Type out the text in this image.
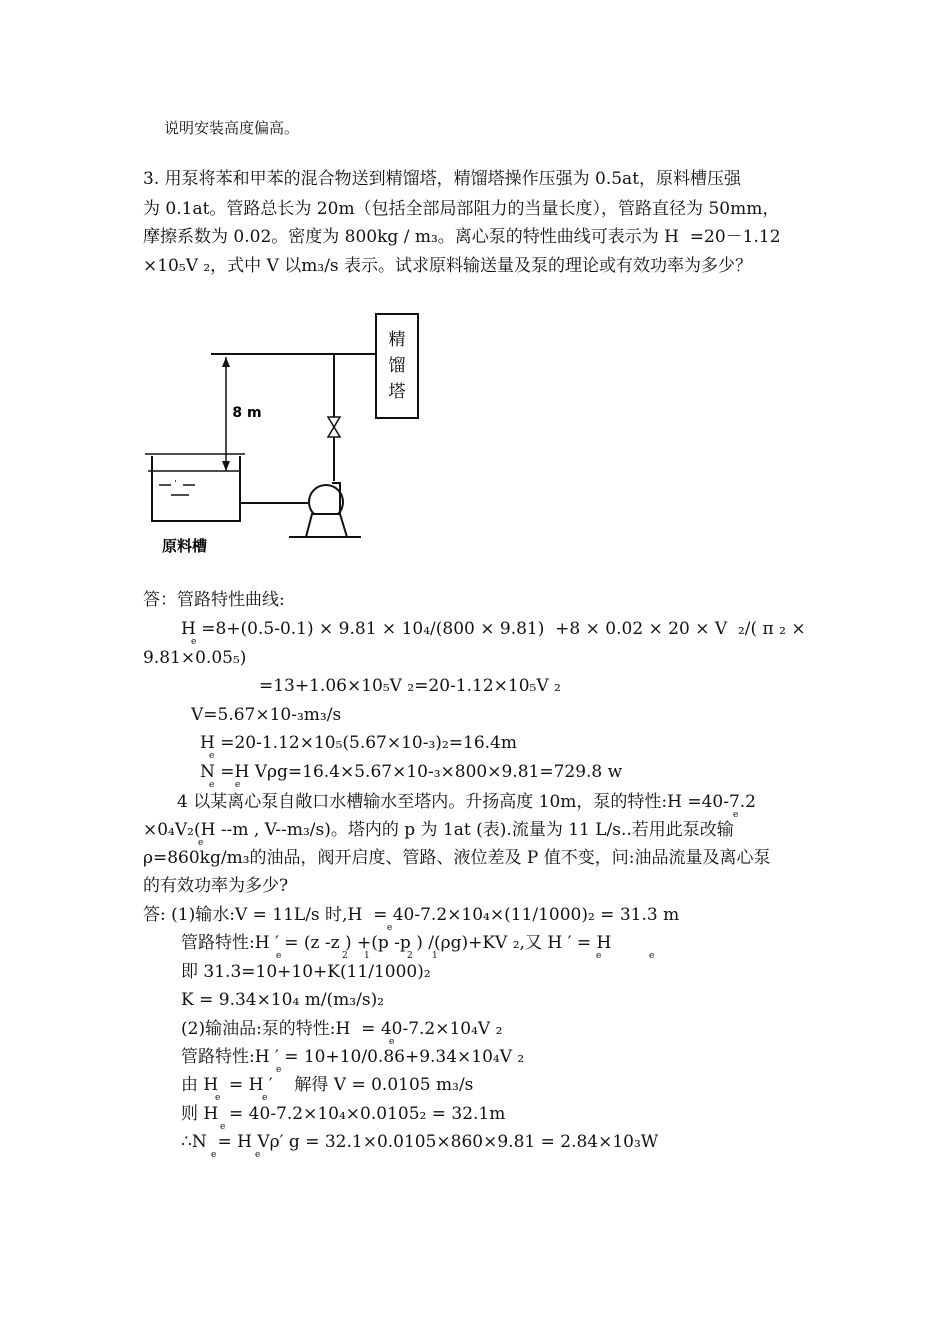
说明安装高度偏高。
3. 用泵将苯和甲苯的混合物送到精馏塔，精馏塔操作压强为 0.5at，原料槽压强
为 0.1at。管路总长为 20m（包括全部局部阻力的当量长度），管路直径为 50mm，
摩擦系数为 0.02。密度为 800kg / m₃。离心泵的特性曲线可表示为 H  =20－1.12
×10₅V ₂，式中 V 以m₃/s 表示。试求原料输送量及泵的理论或有效功率为多少？
精
馏
塔
8 m
原料槽
答：管路特性曲线:
H =8+(0.5-0.1) × 9.81 × 10₄/(800 × 9.81)  +8 × 0.02 × 20 × V  ₂/( π ₂ ×
e
9.81×0.05₅)
=13+1.06×10₅V ₂=20-1.12×10₅V ₂
V=5.67×10-₃m₃/s
H =20-1.12×10₅(5.67×10-₃)₂=16.4m
e
N =H Vρg=16.4×5.67×10-₃×800×9.81=729.8 w
e e
4 以某离心泵自敞口水槽输水至塔内。升扬高度 10m，泵的特性:H =40-7.2
e
×0₄V₂(H --m , V--m₃/s)。塔内的 p 为 1at (表).流量为 11 L/s..若用此泵改输
e
ρ=860kg/m₃的油品，阀开启度、管路、液位差及 P 值不变，问:油品流量及离心泵
的有效功率为多少?
答: (1)输水:V = 11L/s 时,H  = 40-7.2×10₄×(11/1000)₂ = 31.3 m
e
管路特性:H ′ = (z -z ) +(p -p ) /(ρg)+KV ₂,又 H ′ = H
e	2 1	2 1	e	e
即 31.3=10+10+K(11/1000)₂
K = 9.34×10₄ m/(m₃/s)₂
(2)输油品:泵的特性:H  = 40-7.2×10₄V ₂
e
管路特性:H ′ = 10+10/0.86+9.34×10₄V ₂
e
由 H  = H ′    解得 V = 0.0105 m₃/s
e	e
则 H  = 40-7.2×10₄×0.0105₂ = 32.1m
e
∴N  = H Vρ′ g = 32.1×0.0105×860×9.81 = 2.84×10₃W
e	e
